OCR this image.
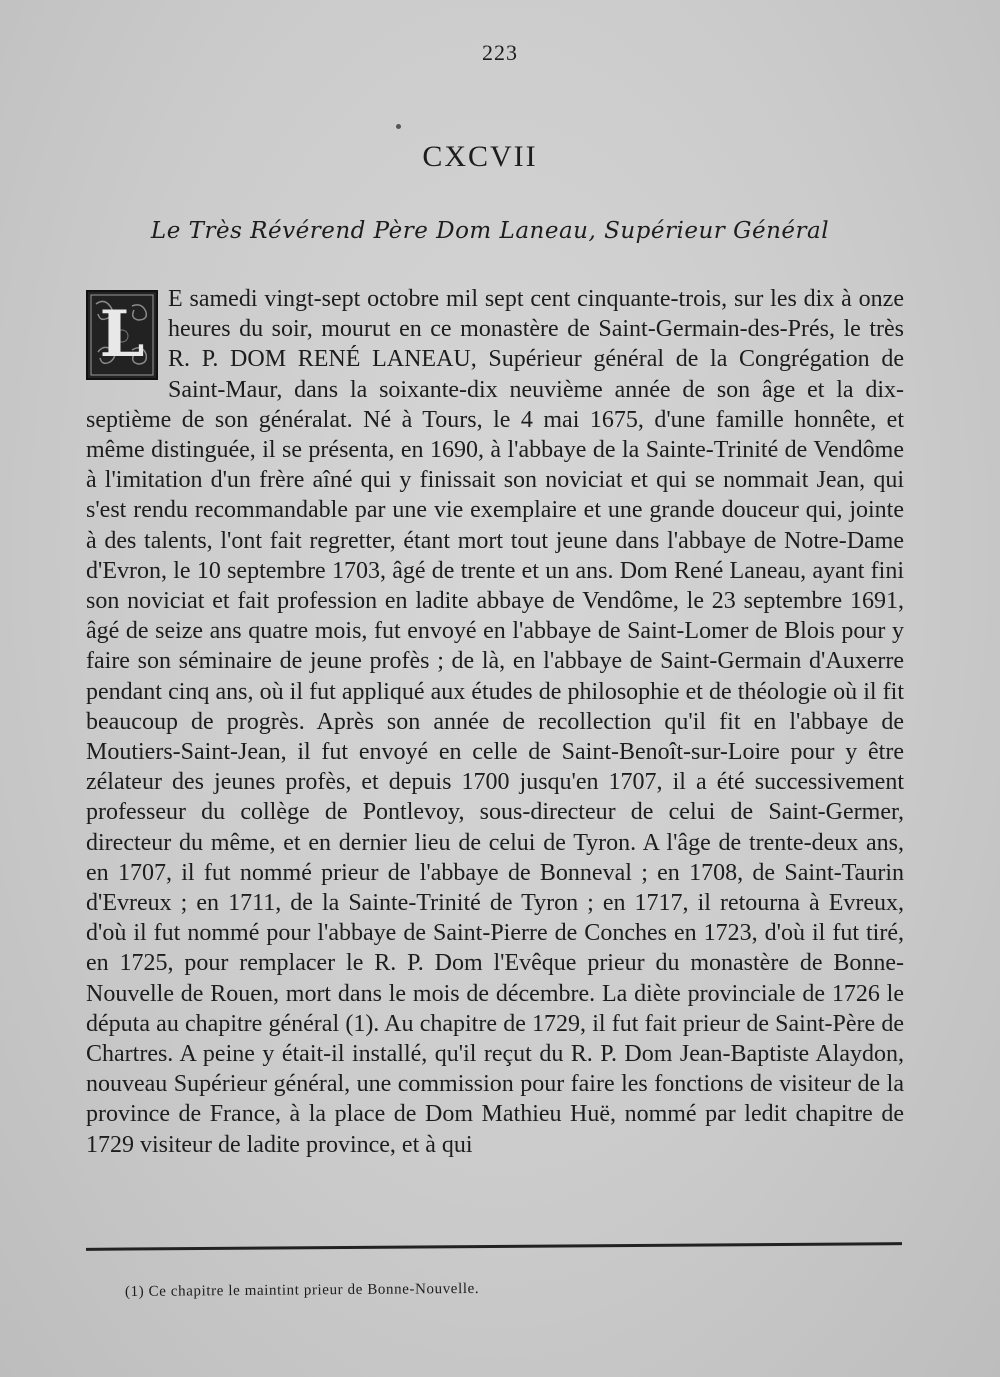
223
CXCVII
Le Très Révérend Père Dom Laneau, Supérieur Général
L E samedi vingt-sept octobre mil sept cent cinquante-trois, sur les dix à onze heures du soir, mourut en ce monastère de Saint-Germain-des-Prés, le très R. P. DOM RENÉ LANEAU, Supérieur général de la Congrégation de Saint-Maur, dans la soixante-dix neuvième année de son âge et la dix-septième de son généralat. Né à Tours, le 4 mai 1675, d'une famille honnête, et même distinguée, il se présenta, en 1690, à l'abbaye de la Sainte-Trinité de Vendôme à l'imitation d'un frère aîné qui y finissait son noviciat et qui se nommait Jean, qui s'est rendu recommandable par une vie exemplaire et une grande douceur qui, jointe à des talents, l'ont fait regretter, étant mort tout jeune dans l'abbaye de Notre-Dame d'Evron, le 10 septembre 1703, âgé de trente et un ans. Dom René Laneau, ayant fini son noviciat et fait profession en ladite abbaye de Vendôme, le 23 septembre 1691, âgé de seize ans quatre mois, fut envoyé en l'abbaye de Saint-Lomer de Blois pour y faire son séminaire de jeune profès ; de là, en l'abbaye de Saint-Germain d'Auxerre pendant cinq ans, où il fut appliqué aux études de philosophie et de théologie où il fit beaucoup de progrès. Après son année de recollection qu'il fit en l'abbaye de Moutiers-Saint-Jean, il fut envoyé en celle de Saint-Benoît-sur-Loire pour y être zélateur des jeunes profès, et depuis 1700 jusqu'en 1707, il a été successivement professeur du collège de Pontlevoy, sous-directeur de celui de Saint-Germer, directeur du même, et en dernier lieu de celui de Tyron. A l'âge de trente-deux ans, en 1707, il fut nommé prieur de l'abbaye de Bonneval ; en 1708, de Saint-Taurin d'Evreux ; en 1711, de la Sainte-Trinité de Tyron ; en 1717, il retourna à Evreux, d'où il fut nommé pour l'abbaye de Saint-Pierre de Conches en 1723, d'où il fut tiré, en 1725, pour remplacer le R. P. Dom l'Evêque prieur du monastère de Bonne-Nouvelle de Rouen, mort dans le mois de décembre. La diète provinciale de 1726 le députa au chapitre général (1). Au chapitre de 1729, il fut fait prieur de Saint-Père de Chartres. A peine y était-il installé, qu'il reçut du R. P. Dom Jean-Baptiste Alaydon, nouveau Supérieur général, une commission pour faire les fonctions de visiteur de la province de France, à la place de Dom Mathieu Huë, nommé par ledit chapitre de 1729 visiteur de ladite province, et à qui

(1) Ce chapitre le maintint prieur de Bonne-Nouvelle.
